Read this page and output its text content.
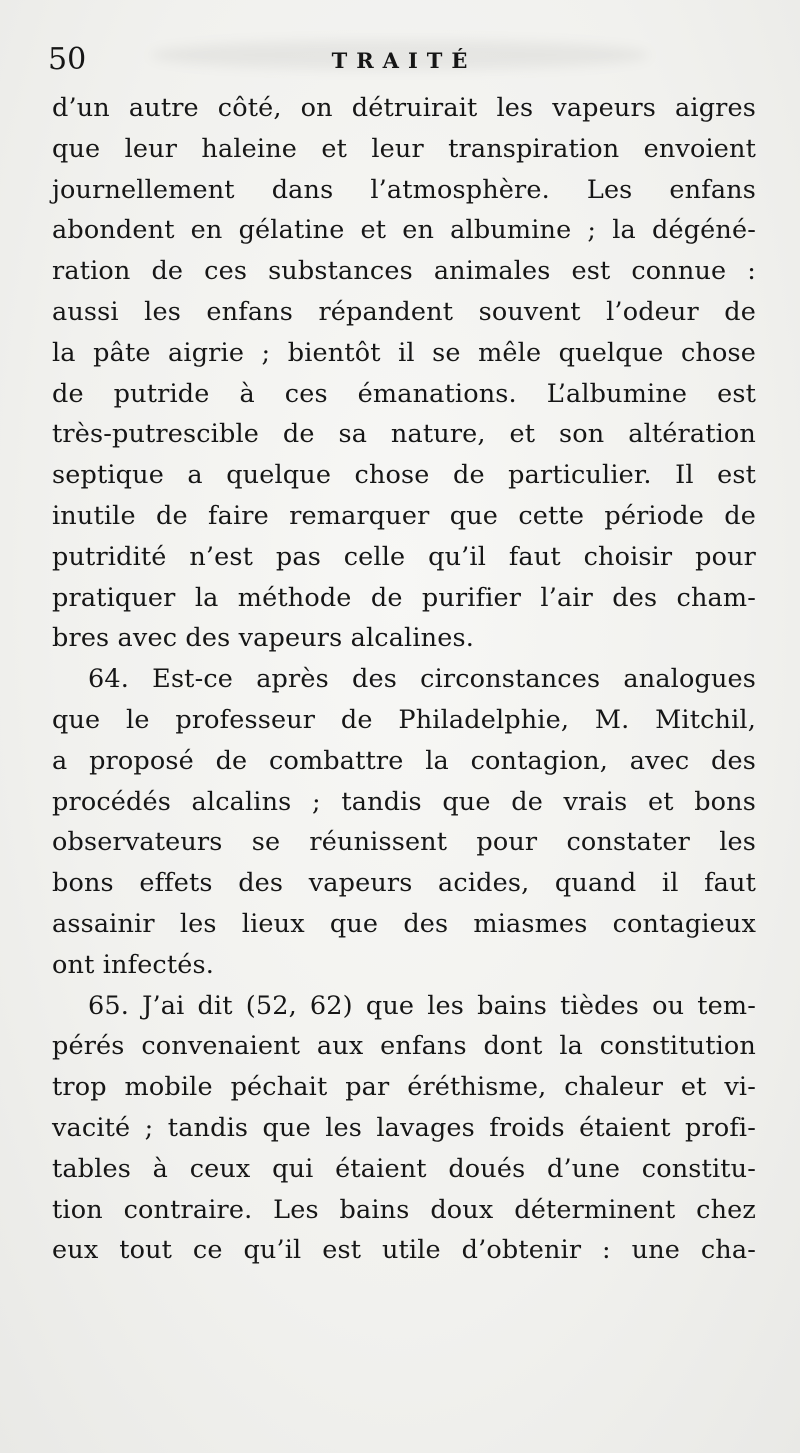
50	TRAITÉ
d’un autre côté, on détruirait les vapeurs aigres
que leur haleine et leur transpiration envoient
journellement dans l’atmosphère. Les enfans
abondent en gélatine et en albumine ; la dégéné-
ration de ces substances animales est connue :
aussi les enfans répandent souvent l’odeur de
la pâte aigrie ; bientôt il se mêle quelque chose
de putride à ces émanations. L’albumine est
très-putrescible de sa nature, et son altération
septique a quelque chose de particulier. Il est
inutile de faire remarquer que cette période de
putridité n’est pas celle qu’il faut choisir pour
pratiquer la méthode de purifier l’air des cham-
bres avec des vapeurs alcalines.
64. Est-ce après des circonstances analogues
que le professeur de Philadelphie, M. Mitchil,
a proposé de combattre la contagion, avec des
procédés alcalins ; tandis que de vrais et bons
observateurs se réunissent pour constater les
bons effets des vapeurs acides, quand il faut
assainir les lieux que des miasmes contagieux
ont infectés.
65. J’ai dit (52, 62) que les bains tièdes ou tem-
pérés convenaient aux enfans dont la constitution
trop mobile péchait par éréthisme, chaleur et vi-
vacité ; tandis que les lavages froids étaient profi-
tables à ceux qui étaient doués d’une constitu-
tion contraire. Les bains doux déterminent chez
eux tout ce qu’il est utile d’obtenir : une cha-
